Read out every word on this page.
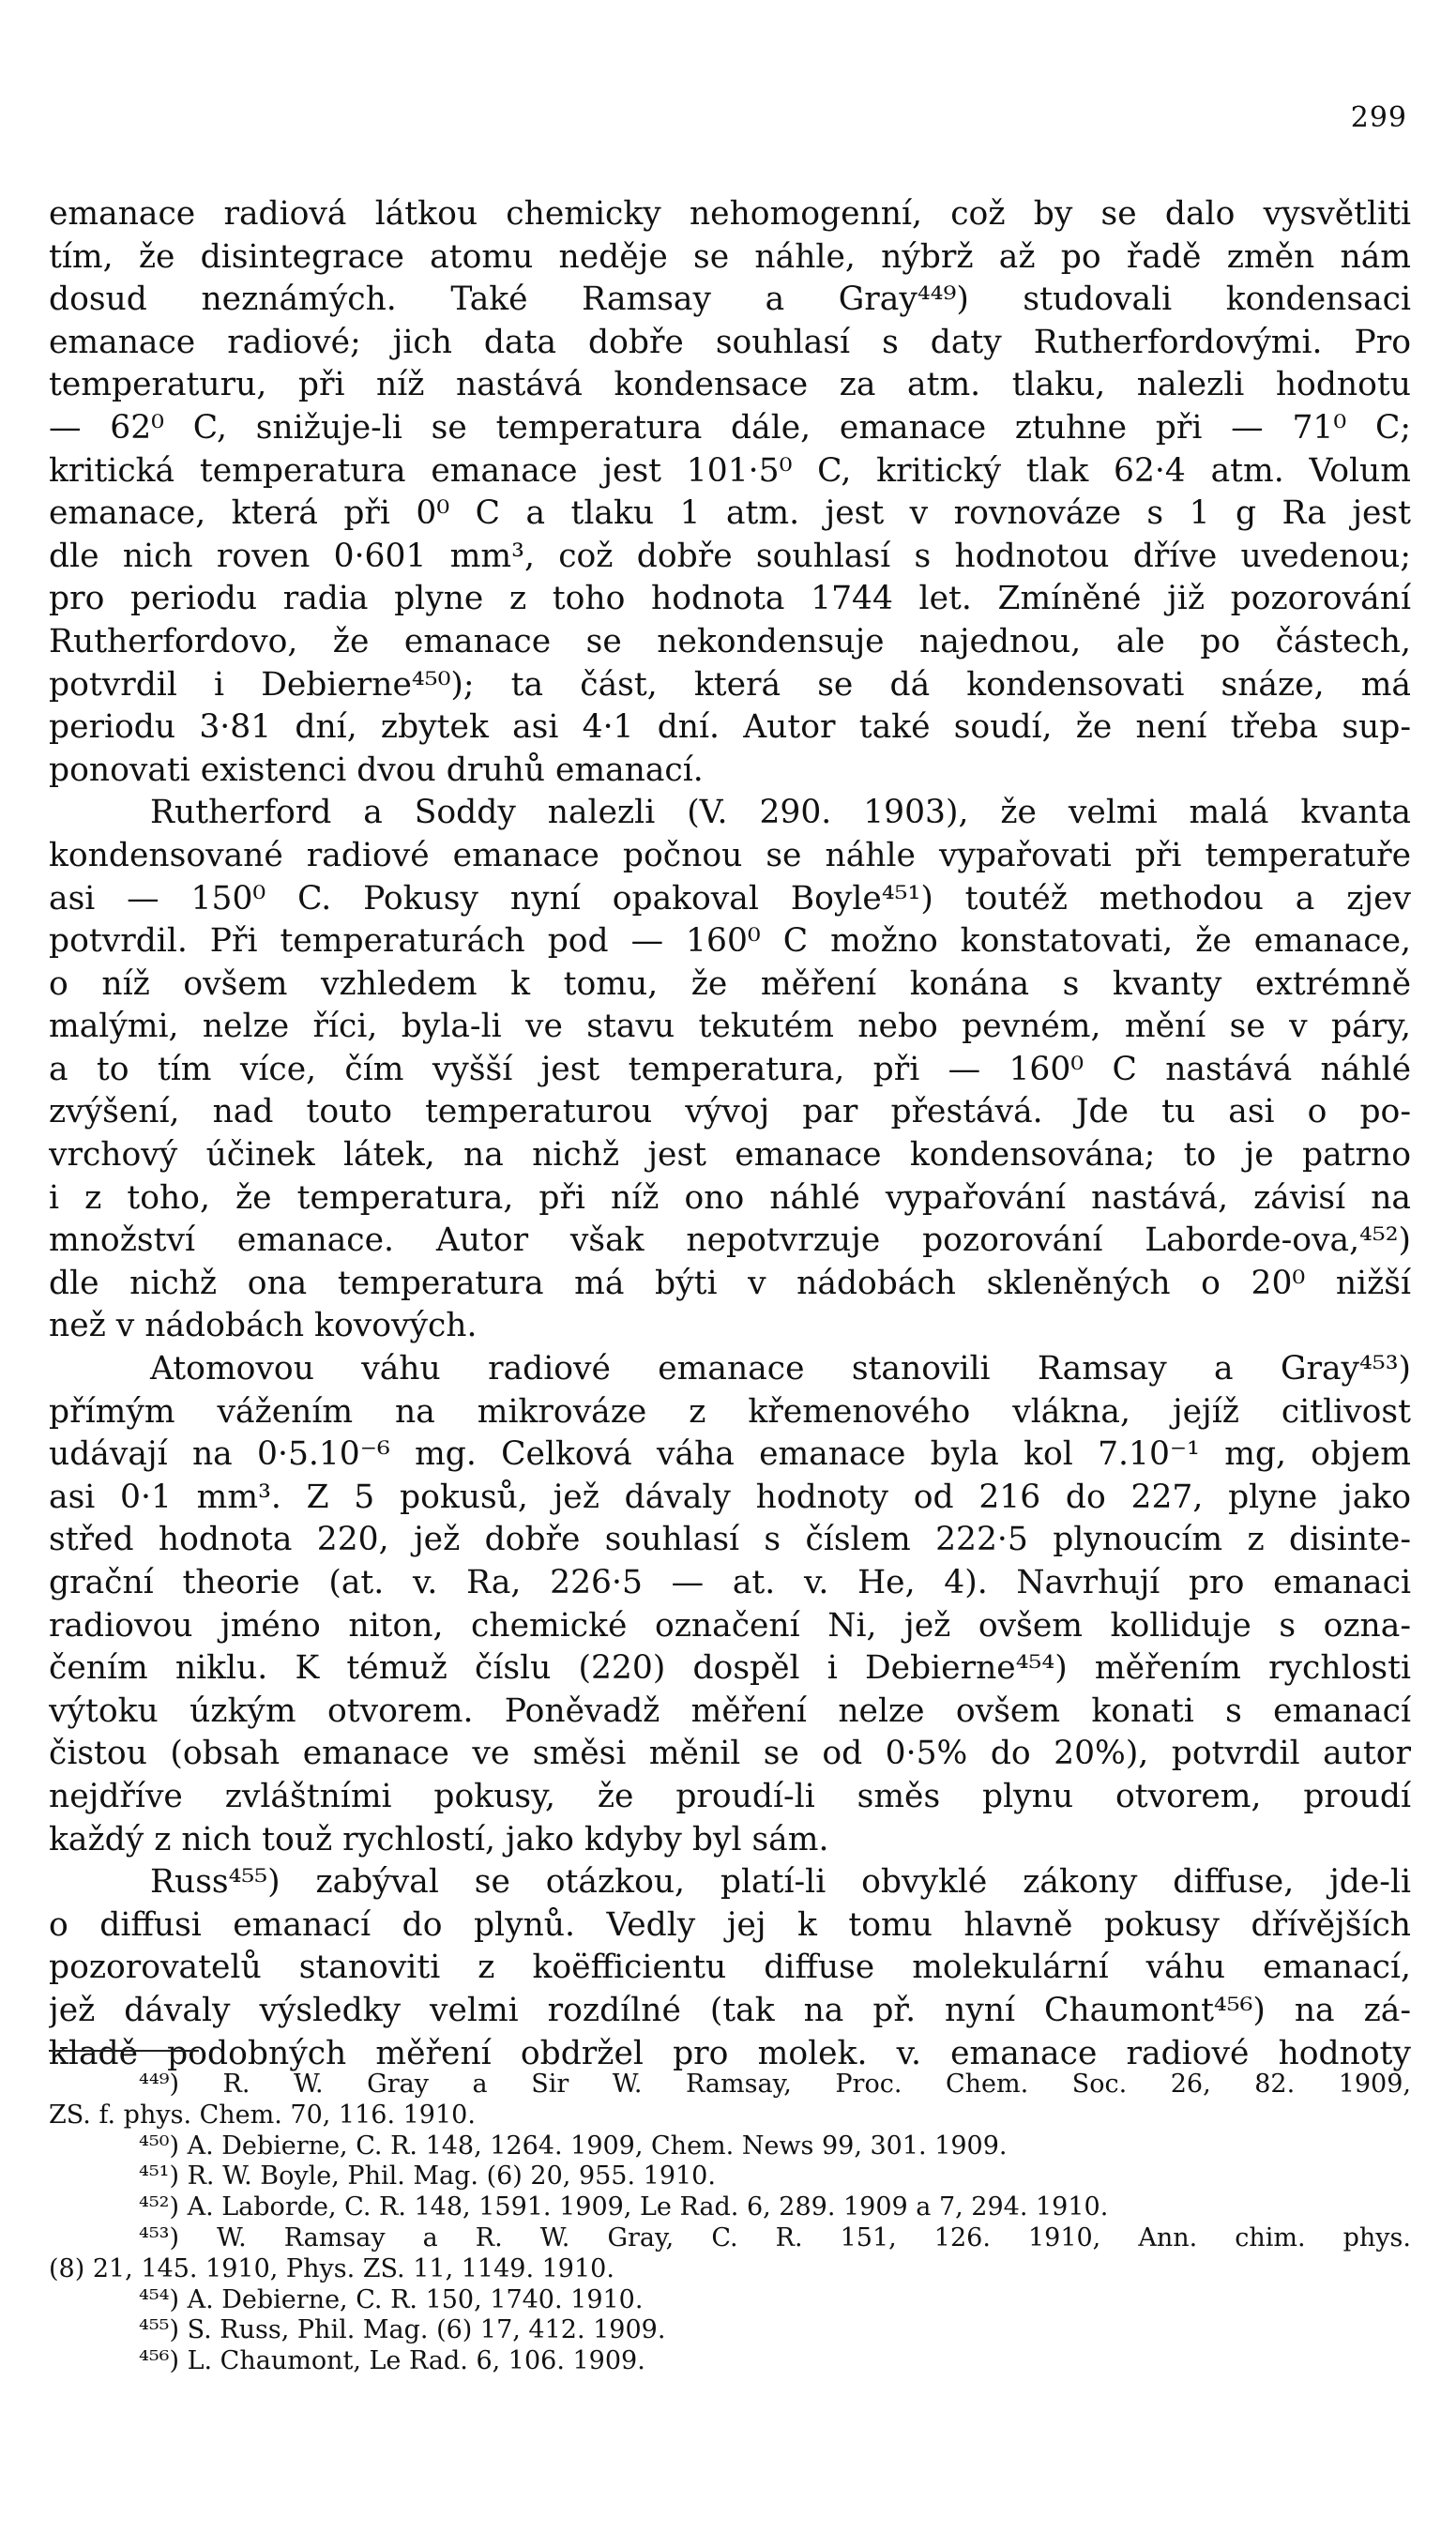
299
emanace radiová látkou chemicky nehomogenní, což by se dalo vysvětliti
tím, že disintegrace atomu neděje se náhle, nýbrž až po řadě změn nám
dosud neznámých. Také Ramsay a Gray⁴⁴⁹) studovali kondensaci
emanace radiové; jich data dobře souhlasí s daty Rutherfordovými. Pro
temperaturu, při níž nastává kondensace za atm. tlaku, nalezli hodnotu
— 62⁰ C, snižuje-li se temperatura dále, emanace ztuhne při — 71⁰ C;
kritická temperatura emanace jest 101·5⁰ C, kritický tlak 62·4 atm. Volum
emanace, která při 0⁰ C a tlaku 1 atm. jest v rovnováze s 1 g Ra jest
dle nich roven 0·601 mm³, což dobře souhlasí s hodnotou dříve uvedenou;
pro periodu radia plyne z toho hodnota 1744 let. Zmíněné již pozorování
Rutherfordovo, že emanace se nekondensuje najednou, ale po částech,
potvrdil i Debierne⁴⁵⁰); ta část, která se dá kondensovati snáze, má
periodu 3·81 dní, zbytek asi 4·1 dní. Autor také soudí, že není třeba sup-
ponovati existenci dvou druhů emanací.
Rutherford a Soddy nalezli (V. 290. 1903), že velmi malá kvanta
kondensované radiové emanace počnou se náhle vypařovati při temperatuře
asi — 150⁰ C. Pokusy nyní opakoval Boyle⁴⁵¹) toutéž methodou a zjev
potvrdil. Při temperaturách pod — 160⁰ C možno konstatovati, že emanace,
o níž ovšem vzhledem k tomu, že měření konána s kvanty extrémně
malými, nelze říci, byla-li ve stavu tekutém nebo pevném, mění se v páry,
a to tím více, čím vyšší jest temperatura, při — 160⁰ C nastává náhlé
zvýšení, nad touto temperaturou vývoj par přestává. Jde tu asi o po-
vrchový účinek látek, na nichž jest emanace kondensována; to je patrno
i z toho, že temperatura, při níž ono náhlé vypařování nastává, závisí na
množství emanace. Autor však nepotvrzuje pozorování Laborde-ova,⁴⁵²)
dle nichž ona temperatura má býti v nádobách skleněných o 20⁰ nižší
než v nádobách kovových.
Atomovou váhu radiové emanace stanovili Ramsay a Gray⁴⁵³)
přímým vážením na mikrováze z křemenového vlákna, jejíž citlivost
udávají na 0·5.10⁻⁶ mg. Celková váha emanace byla kol 7.10⁻¹ mg, objem
asi 0·1 mm³. Z 5 pokusů, jež dávaly hodnoty od 216 do 227, plyne jako
střed hodnota 220, jež dobře souhlasí s číslem 222·5 plynoucím z disinte-
grační theorie (at. v. Ra, 226·5 — at. v. He, 4). Navrhují pro emanaci
radiovou jméno niton, chemické označení Ni, jež ovšem kolliduje s ozna-
čením niklu. K témuž číslu (220) dospěl i Debierne⁴⁵⁴) měřením rychlosti
výtoku úzkým otvorem. Poněvadž měření nelze ovšem konati s emanací
čistou (obsah emanace ve směsi měnil se od 0·5% do 20%), potvrdil autor
nejdříve zvláštními pokusy, že proudí-li směs plynu otvorem, proudí
každý z nich touž rychlostí, jako kdyby byl sám.
Russ⁴⁵⁵) zabýval se otázkou, platí-li obvyklé zákony diffuse, jde-li
o diffusi emanací do plynů. Vedly jej k tomu hlavně pokusy dřívějších
pozorovatelů stanoviti z koëfficientu diffuse molekulární váhu emanací,
jež dávaly výsledky velmi rozdílné (tak na př. nyní Chaumont⁴⁵⁶) na zá-
kladě podobných měření obdržel pro molek. v. emanace radiové hodnoty
⁴⁴⁹) R. W. Gray a Sir W. Ramsay, Proc. Chem. Soc. 26, 82. 1909,
ZS. f. phys. Chem. 70, 116. 1910.
⁴⁵⁰) A. Debierne, C. R. 148, 1264. 1909, Chem. News 99, 301. 1909.
⁴⁵¹) R. W. Boyle, Phil. Mag. (6) 20, 955. 1910.
⁴⁵²) A. Laborde, C. R. 148, 1591. 1909, Le Rad. 6, 289. 1909 a 7, 294. 1910.
⁴⁵³) W. Ramsay a R. W. Gray, C. R. 151, 126. 1910, Ann. chim. phys.
(8) 21, 145. 1910, Phys. ZS. 11, 1149. 1910.
⁴⁵⁴) A. Debierne, C. R. 150, 1740. 1910.
⁴⁵⁵) S. Russ, Phil. Mag. (6) 17, 412. 1909.
⁴⁵⁶) L. Chaumont, Le Rad. 6, 106. 1909.
